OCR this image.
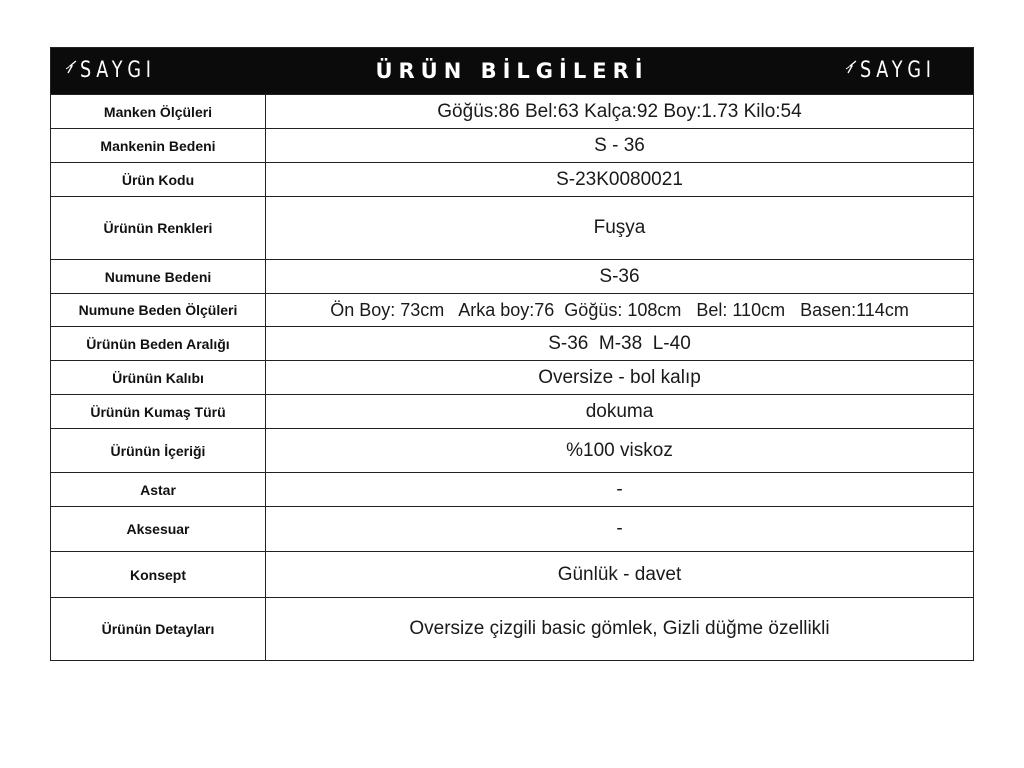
SAYGI	ÜRÜN BİLGİLERİ	SAYGI
Manken Ölçüleri	Göğüs:86 Bel:63 Kalça:92 Boy:1.73 Kilo:54
Mankenin Bedeni	S - 36
Ürün Kodu	S-23K0080021
Ürünün Renkleri	Fuşya
Numune Bedeni	S-36
Numune Beden Ölçüleri	Ön Boy: 73cm   Arka boy:76  Göğüs: 108cm   Bel: 110cm   Basen:114cm
Ürünün Beden Aralığı	S-36  M-38  L-40
Ürünün Kalıbı	Oversize - bol kalıp
Ürünün Kumaş Türü	dokuma
Ürünün İçeriği	%100 viskoz
Astar	-
Aksesuar	-
Konsept	Günlük - davet
Ürünün Detayları	Oversize çizgili basic gömlek, Gizli düğme özellikli
